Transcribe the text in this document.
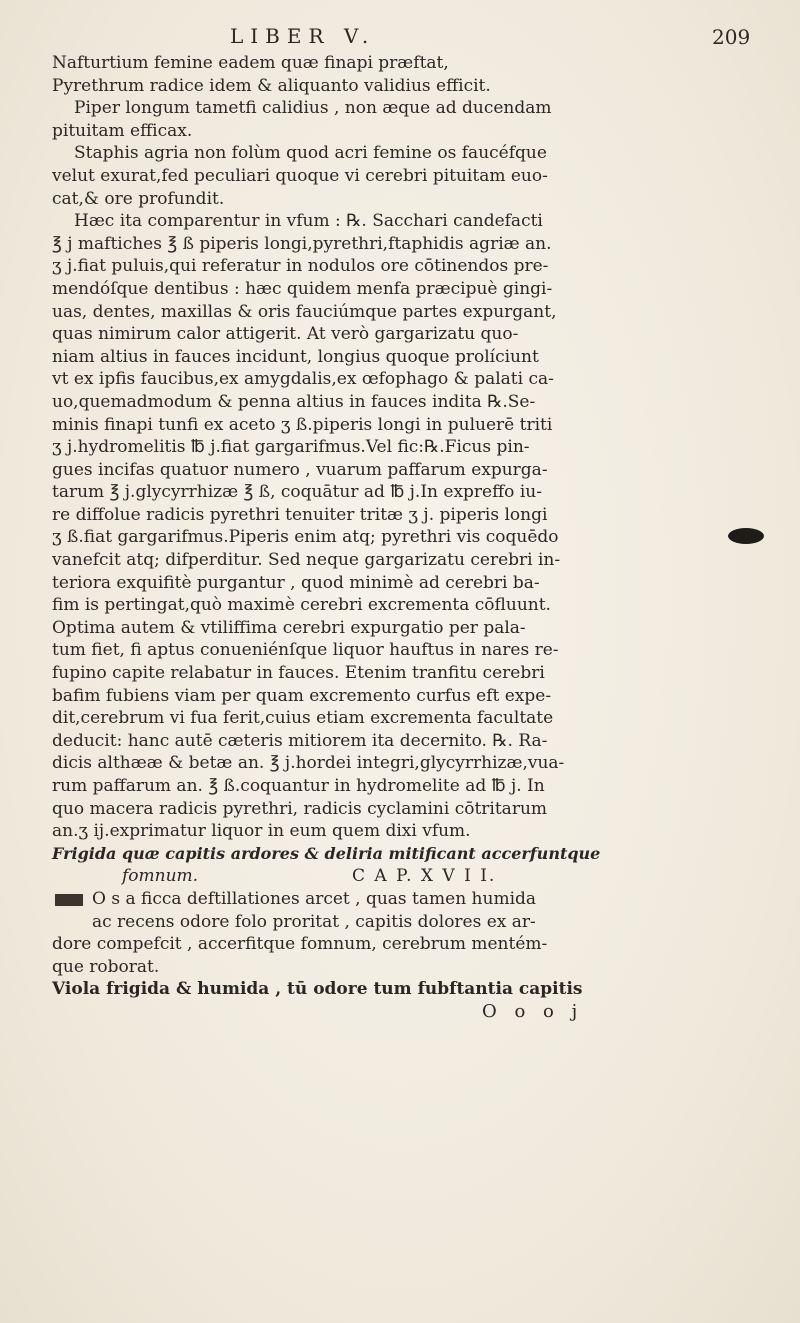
LIBER V.	209
Nafturtium femine eadem quæ finapi præftat,
Pyrethrum radice idem & aliquanto validius efficit.
Piper longum tametfi calidius , non æque ad ducendam
pituitam efficax.
Staphis agria non folùm quod acri femine os faucéfque
velut exurat,fed peculiari quoque vi cerebri pituitam euo-
cat,& ore profundit.
Hæc ita comparentur in vfum : ℞. Sacchari candefacti
℥ j maftiches ℥ ß piperis longi,pyrethri,ftaphidis agriæ an.
ʒ j.fiat puluis,qui referatur in nodulos ore cōtinendos pre-
mendóſque dentibus : hæc quidem menfa præcipuè gingi-
uas, dentes, maxillas & oris fauciúmque partes expurgant,
quas nimirum calor attigerit. At verò gargarizatu quo-
niam altius in fauces incidunt, longius quoque prolíciunt
vt ex ipfis faucibus,ex amygdalis,ex œfophago & palati ca-
uo,quemadmodum & penna altius in fauces indita ℞.Se-
minis finapi tunfi ex aceto ʒ ß.piperis longi in puluerē triti
ʒ j.hydromelitis ℔ j.fiat gargarifmus.Vel fic:℞.Ficus pin-
gues incifas quatuor numero , vuarum paffarum expurga-
tarum ℥ j.glycyrrhizæ ℥ ß, coquātur ad ℔ j.In expreffo iu-
re diffolue radicis pyrethri tenuiter tritæ ʒ j. piperis longi
ʒ ß.fiat gargarifmus.Piperis enim atq; pyrethri vis coquēdo
vanefcit atq; difperditur. Sed neque gargarizatu cerebri in-
teriora exquifitè purgantur , quod minimè ad cerebri ba-
fim is pertingat,quò maximè cerebri excrementa cōfluunt.
Optima autem & vtiliffima cerebri expurgatio per pala-
tum fiet, fi aptus conueniénſque liquor hauftus in nares re-
fupino capite relabatur in fauces. Etenim tranfitu cerebri
bafim fubiens viam per quam excremento curfus eft expe-
dit,cerebrum vi fua ferit,cuius etiam excrementa facultate
deducit: hanc autē cæteris mitiorem ita decernito. ℞. Ra-
dicis althææ & betæ an. ℥ j.hordei integri,glycyrrhizæ,vua-
rum paffarum an. ℥ ß.coquantur in hydromelite ad ℔ j. In
quo macera radicis pyrethri, radicis cyclamini cōtritarum
an.ʒ ij.exprimatur liquor in eum quem dixi vfum.
Frigida quæ capitis ardores & deliria mitificant accerfuntque
fomnum.	C A P. X V I I.
O s a ficca deftillationes arcet , quas tamen humida
ac recens odore folo proritat , capitis dolores ex ar-
dore compefcit , accerfitque fomnum, cerebrum mentém-
que roborat.
Viola frigida & humida , tū odore tum fubftantia capitis
O o o j
